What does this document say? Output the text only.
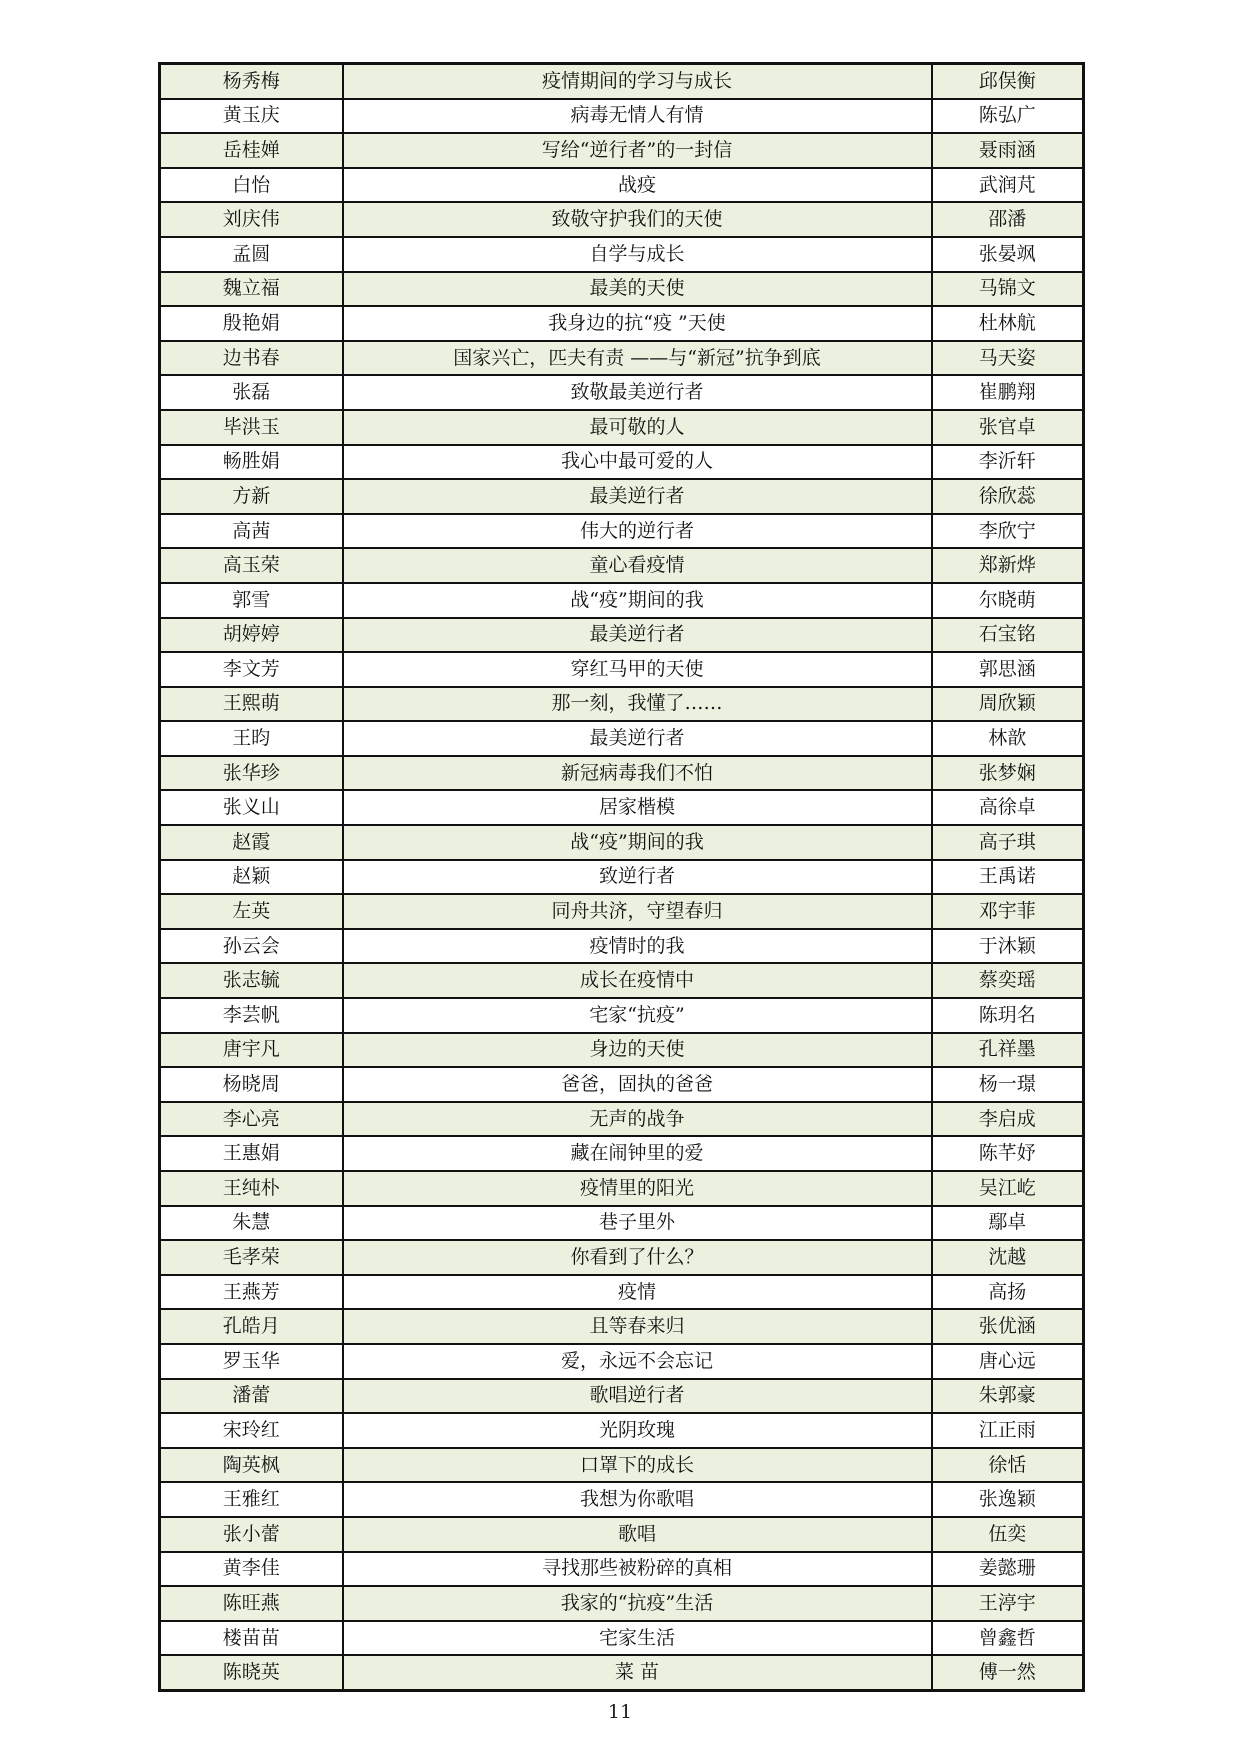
杨秀梅	疫情期间的学习与成长	邱俣衡
黄玉庆	病毒无情人有情	陈弘广
岳桂婵	写给“逆行者”的一封信	聂雨涵
白怡	战疫	武润芃
刘庆伟	致敬守护我们的天使	邵潘
孟圆	自学与成长	张晏飒
魏立福	最美的天使	马锦文
殷艳娟	我身边的抗“疫 ”天使	杜林航
边书春	国家兴亡，匹夫有责 ——与“新冠”抗争到底	马天姿
张磊	致敬最美逆行者	崔鹏翔
毕洪玉	最可敬的人	张官卓
畅胜娟	我心中最可爱的人	李沂轩
方新	最美逆行者	徐欣蕊
高茜	伟大的逆行者	李欣宁
高玉荣	童心看疫情	郑新烨
郭雪	战“疫”期间的我	尔晓萌
胡婷婷	最美逆行者	石宝铭
李文芳	穿红马甲的天使	郭思涵
王熙萌	那一刻，我懂了……	周欣颖
王昀	最美逆行者	林歆
张华珍	新冠病毒我们不怕	张梦娴
张义山	居家楷模	高徐卓
赵霞	战“疫”期间的我	高子琪
赵颖	致逆行者	王禹诺
左英	同舟共济，守望春归	邓宇菲
孙云会	疫情时的我	于沐颖
张志毓	成长在疫情中	蔡奕瑶
李芸帆	宅家“抗疫”	陈玥名
唐宇凡	身边的天使	孔祥墨
杨晓周	爸爸，固执的爸爸	杨一璟
李心亮	无声的战争	李启成
王惠娟	藏在闹钟里的爱	陈芊妤
王纯朴	疫情里的阳光	吴江屹
朱慧	巷子里外	鄢卓
毛孝荣	你看到了什么？	沈越
王燕芳	疫情	高扬
孔皓月	且等春来归	张优涵
罗玉华	爱，永远不会忘记	唐心远
潘蕾	歌唱逆行者	朱郭豪
宋玲红	光阴玫瑰	江正雨
陶英枫	口罩下的成长	徐恬
王雅红	我想为你歌唱	张逸颖
张小蕾	歌唱	伍奕
黄李佳	寻找那些被粉碎的真相	姜懿珊
陈旺燕	我家的“抗疫”生活	王渟宇
楼苗苗	宅家生活	曾鑫哲
陈晓英	菜 苗	傅一然
11
